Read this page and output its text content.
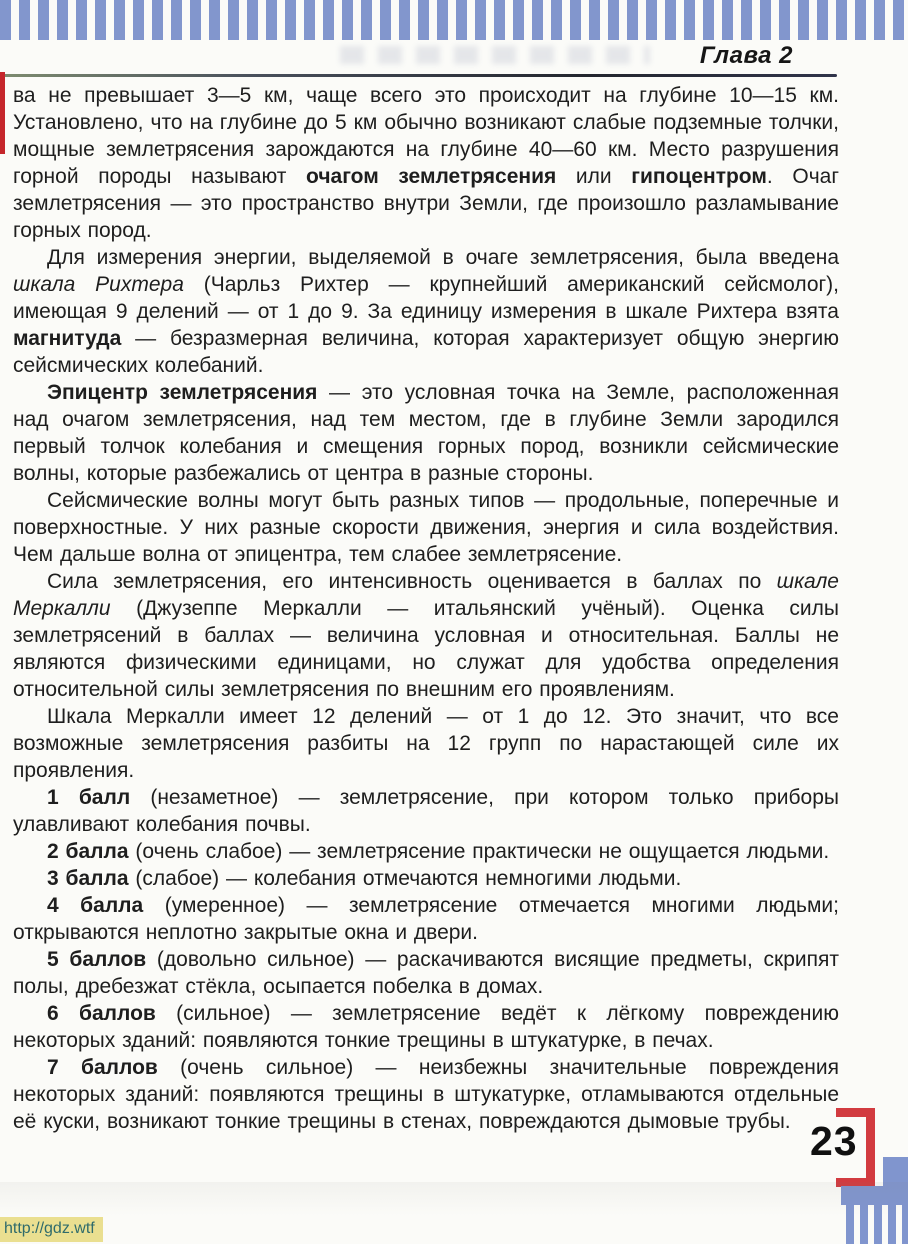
Глава 2

ва не превышает 3—5 км, чаще всего это происходит на глубине 10—15 км. Установлено, что на глубине до 5 км обычно возникают слабые подземные толчки, мощные землетрясения зарождаются на глубине 40—60 км. Место разрушения горной породы называют очагом землетрясения или гипоцентром. Очаг землетрясения — это пространство внутри Земли, где произошло разламывание горных пород.

Для измерения энергии, выделяемой в очаге землетрясения, была введена шкала Рихтера (Чарльз Рихтер — крупнейший американский сейсмолог), имеющая 9 делений — от 1 до 9. За единицу измерения в шкале Рихтера взята магнитуда — безразмерная величина, которая характеризует общую энергию сейсмических колебаний.

Эпицентр землетрясения — это условная точка на Земле, расположенная над очагом землетрясения, над тем местом, где в глубине Земли зародился первый толчок колебания и смещения горных пород, возникли сейсмические волны, которые разбежались от центра в разные стороны.

Сейсмические волны могут быть разных типов — продольные, поперечные и поверхностные. У них разные скорости движения, энергия и сила воздействия. Чем дальше волна от эпицентра, тем слабее землетрясение.

Сила землетрясения, его интенсивность оценивается в баллах по шкале Меркалли (Джузеппе Меркалли — итальянский учёный). Оценка силы землетрясений в баллах — величина условная и относительная. Баллы не являются физическими единицами, но служат для удобства определения относительной силы землетрясения по внешним его проявлениям.

Шкала Меркалли имеет 12 делений — от 1 до 12. Это значит, что все возможные землетрясения разбиты на 12 групп по нарастающей силе их проявления.

1 балл (незаметное) — землетрясение, при котором только приборы улавливают колебания почвы.

2 балла (очень слабое) — землетрясение практически не ощущается людьми.

3 балла (слабое) — колебания отмечаются немногими людьми.

4 балла (умеренное) — землетрясение отмечается многими людьми; открываются неплотно закрытые окна и двери.

5 баллов (довольно сильное) — раскачиваются висящие предметы, скрипят полы, дребезжат стёкла, осыпается побелка в домах.

6 баллов (сильное) — землетрясение ведёт к лёгкому повреждению некоторых зданий: появляются тонкие трещины в штукатурке, в печах.

7 баллов (очень сильное) — неизбежны значительные повреждения некоторых зданий: появляются трещины в штукатурке, отламываются отдельные её куски, возникают тонкие трещины в стенах, повреждаются дымовые трубы. 23
http://gdz.wtf
